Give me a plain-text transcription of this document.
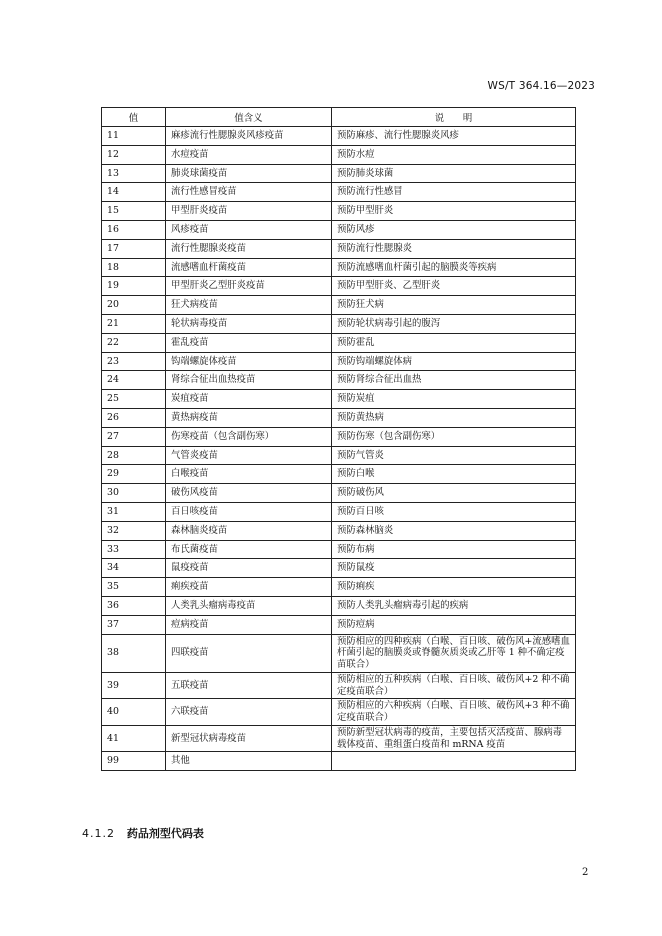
WS/T 364.16—2023
值	值含义	说　　明
11	麻疹流行性腮腺炎风疹疫苗	预防麻疹、流行性腮腺炎风疹
12	水痘疫苗	预防水痘
13	肺炎球菌疫苗	预防肺炎球菌
14	流行性感冒疫苗	预防流行性感冒
15	甲型肝炎疫苗	预防甲型肝炎
16	风疹疫苗	预防风疹
17	流行性腮腺炎疫苗	预防流行性腮腺炎
18	流感嗜血杆菌疫苗	预防流感嗜血杆菌引起的脑膜炎等疾病
19	甲型肝炎乙型肝炎疫苗	预防甲型肝炎、乙型肝炎
20	狂犬病疫苗	预防狂犬病
21	轮状病毒疫苗	预防轮状病毒引起的腹泻
22	霍乱疫苗	预防霍乱
23	钩端螺旋体疫苗	预防钩端螺旋体病
24	肾综合征出血热疫苗	预防肾综合征出血热
25	炭疽疫苗	预防炭疽
26	黄热病疫苗	预防黄热病
27	伤寒疫苗（包含副伤寒）	预防伤寒（包含副伤寒）
28	气管炎疫苗	预防气管炎
29	白喉疫苗	预防白喉
30	破伤风疫苗	预防破伤风
31	百日咳疫苗	预防百日咳
32	森林脑炎疫苗	预防森林脑炎
33	布氏菌疫苗	预防布病
34	鼠疫疫苗	预防鼠疫
35	痢疾疫苗	预防痢疾
36	人类乳头瘤病毒疫苗	预防人类乳头瘤病毒引起的疾病
37	痘病疫苗	预防痘病
38	四联疫苗	预防相应的四种疾病（白喉、百日咳、破伤风+流感嗜血杆菌引起的脑膜炎或脊髓灰质炎或乙肝等 1 种不确定疫苗联合）
39	五联疫苗	预防相应的五种疾病（白喉、百日咳、破伤风+2 种不确定疫苗联合）
40	六联疫苗	预防相应的六种疾病（白喉、百日咳、破伤风+3 种不确定疫苗联合）
41	新型冠状病毒疫苗	预防新型冠状病毒的疫苗，主要包括灭活疫苗、腺病毒载体疫苗、重组蛋白疫苗和 mRNA 疫苗
99	其他	
4.1.2 药品剂型代码表
2
